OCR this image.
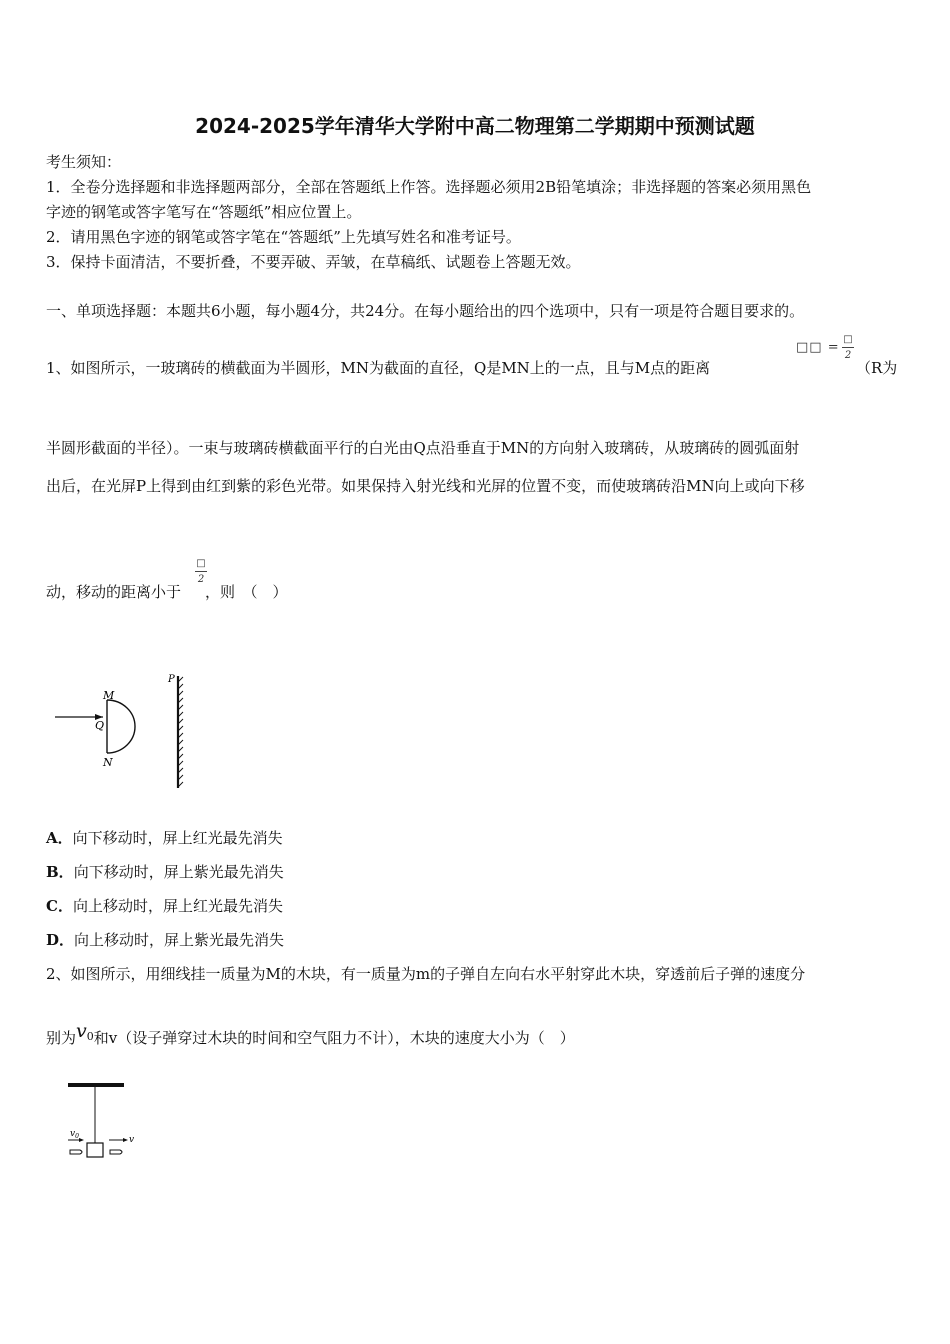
2024-2025学年清华大学附中高二物理第二学期期中预测试题
考生须知：
1．全卷分选择题和非选择题两部分，全部在答题纸上作答。选择题必须用2B铅笔填涂；非选择题的答案必须用黑色
字迹的钢笔或答字笔写在“答题纸”相应位置上。
2．请用黑色字迹的钢笔或答字笔在“答题纸”上先填写姓名和准考证号。
3．保持卡面清洁，不要折叠，不要弄破、弄皱，在草稿纸、试题卷上答题无效。
一、单项选择题：本题共6小题，每小题4分，共24分。在每小题给出的四个选项中，只有一项是符合题目要求的。
1、如图所示，一玻璃砖的横截面为半圆形，MN为截面的直径，Q是MN上的一点，且与M点的距离
□□ =
□
2
（R为
半圆形截面的半径）。一束与玻璃砖横截面平行的白光由Q点沿垂直于MN的方向射入玻璃砖，从玻璃砖的圆弧面射
出后，在光屏P上得到由红到紫的彩色光带。如果保持入射光线和光屏的位置不变，而使玻璃砖沿MN向上或向下移
动，移动的距离小于
□
2
，则　（　）
M
Q
N
P
A．向下移动时，屏上红光最先消失
B．向下移动时，屏上紫光最先消失
C．向上移动时，屏上红光最先消失
D．向上移动时，屏上紫光最先消失
2、如图所示，用细线挂一质量为M的木块，有一质量为m的子弹自左向右水平射穿此木块，穿透前后子弹的速度分
别为$v^0$和v（设子弹穿过木块的时间和空气阻力不计），木块的速度大小为（　）
$v_0$	v
